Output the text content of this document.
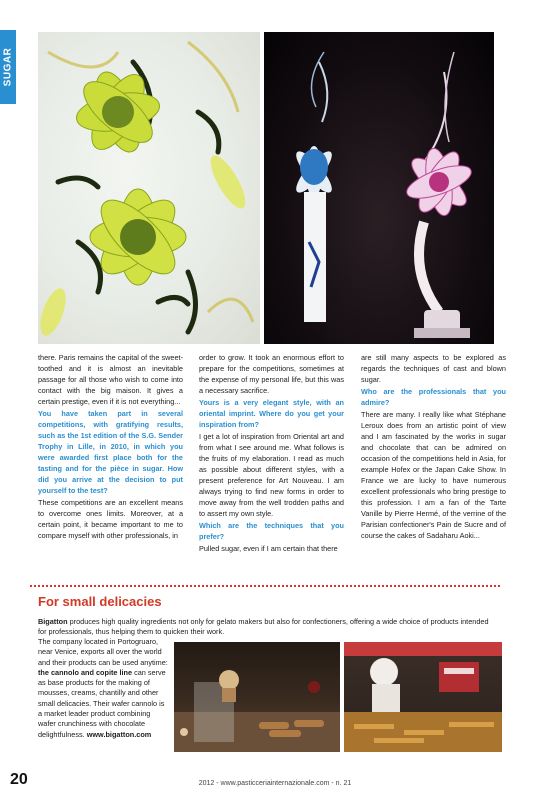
SUGAR

there. Paris remains the capital of the sweet-toothed and it is almost an inevitable passage for all those who wish to come into contact with the big maison. It gives a certain prestige, even if it is not everything...

You have taken part in several competitions, with gratifying results, such as the 1st edition of the S.G. Sender Trophy in Lille, in 2010, in which you were awarded first place both for the tasting and for the pièce in sugar. How did you arrive at the decision to put yourself to the test?

These competitions are an excellent means to overcome ones limits. Moreover, at a certain point, it became important to me to compare myself with other professionals, in

order to grow. It took an enormous effort to prepare for the competitions, sometimes at the expense of my personal life, but this was a necessary sacrifice.

Yours is a very elegant style, with an oriental imprint. Where do you get your inspiration from?

I get a lot of inspiration from Oriental art and from what I see around me. What follows is the fruits of my elaboration. I read as much as possible about different styles, with a present preference for Art Nouveau. I am always trying to find new forms in order to move away from the well trodden paths and to assert my own style.

Which are the techniques that you prefer?

Pulled sugar, even if I am certain that there

are still many aspects to be explored as regards the techniques of cast and blown sugar.

Who are the professionals that you admire?

There are many. I really like what Stéphane Leroux does from an artistic point of view and I am fascinated by the works in sugar and chocolate that can be admired on occasion of the competitions held in Asia, for example Hofex or the Japan Cake Show. In France we are lucky to have numerous excellent professionals who bring prestige to this profession. I am a fan of the Tarte Vanille by Pierre Hermé, of the verrine of the Parisian confectioner's Pain de Sucre and of course the cakes of Sadaharu Aoki...

For small delicacies
Bigatton produces high quality ingredients not only for gelato makers but also for confectioners, offering a wide choice of products intended for professionals, thus helping them to quicken their work.
The company located in Portogruaro, near Venice, exports all over the world and their products can be used anytime: the cannolo and copite line can serve as base products for the making of mousses, creams, chantilly and other small delicacies. Their wafer cannolo is a market leader product combining wafer crunchiness with chocolate delightfulness. www.bigatton.com
20	2012 - www.pasticceriainternazionale.com - n. 21
